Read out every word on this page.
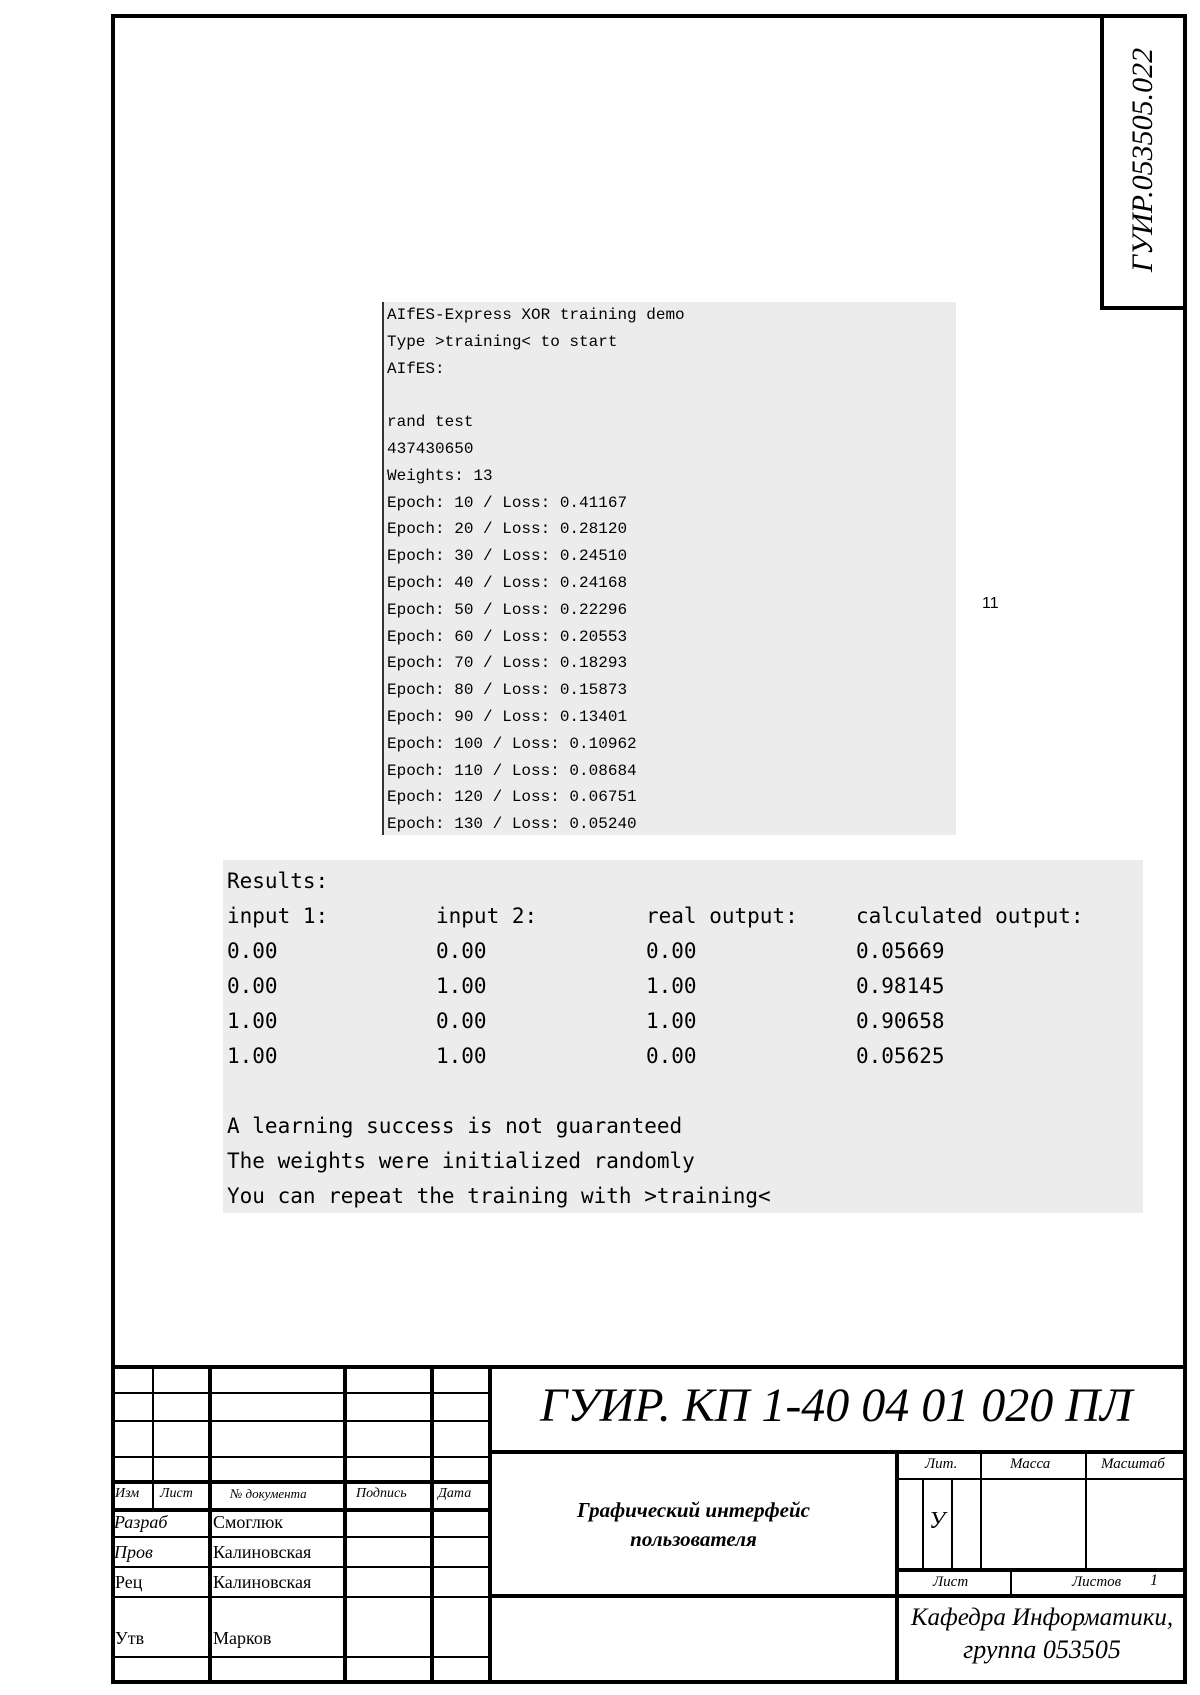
ГУИР.053505.022
11
AIfES-Express XOR training demo
Type >training< to start
AIfES:
rand test
437430650
Weights: 13
Epoch: 10 / Loss: 0.41167
Epoch: 20 / Loss: 0.28120
Epoch: 30 / Loss: 0.24510
Epoch: 40 / Loss: 0.24168
Epoch: 50 / Loss: 0.22296
Epoch: 60 / Loss: 0.20553
Epoch: 70 / Loss: 0.18293
Epoch: 80 / Loss: 0.15873
Epoch: 90 / Loss: 0.13401
Epoch: 100 / Loss: 0.10962
Epoch: 110 / Loss: 0.08684
Epoch: 120 / Loss: 0.06751
Epoch: 130 / Loss: 0.05240
Results:
input 1:	input 2:	real output:	calculated output:
0.00	0.00	0.00	0.05669
0.00	1.00	1.00	0.98145
1.00	0.00	1.00	0.90658
1.00	1.00	0.00	0.05625
A learning success is not guaranteed
The weights were initialized randomly
You can repeat the training with >training<
ГУИР. КП 1-40 04 01 020 ПЛ
Изм Лист	№ документа	Подпись Дата
Разраб	Смоглюк
Пров	Калиновская
Рец	Калиновская
Утв	Марков
Графический интерфейс
пользователя
Лит.	Масса	Масштаб
У
Лист	Листов 1
Кафедра Информатики,
группа 053505
